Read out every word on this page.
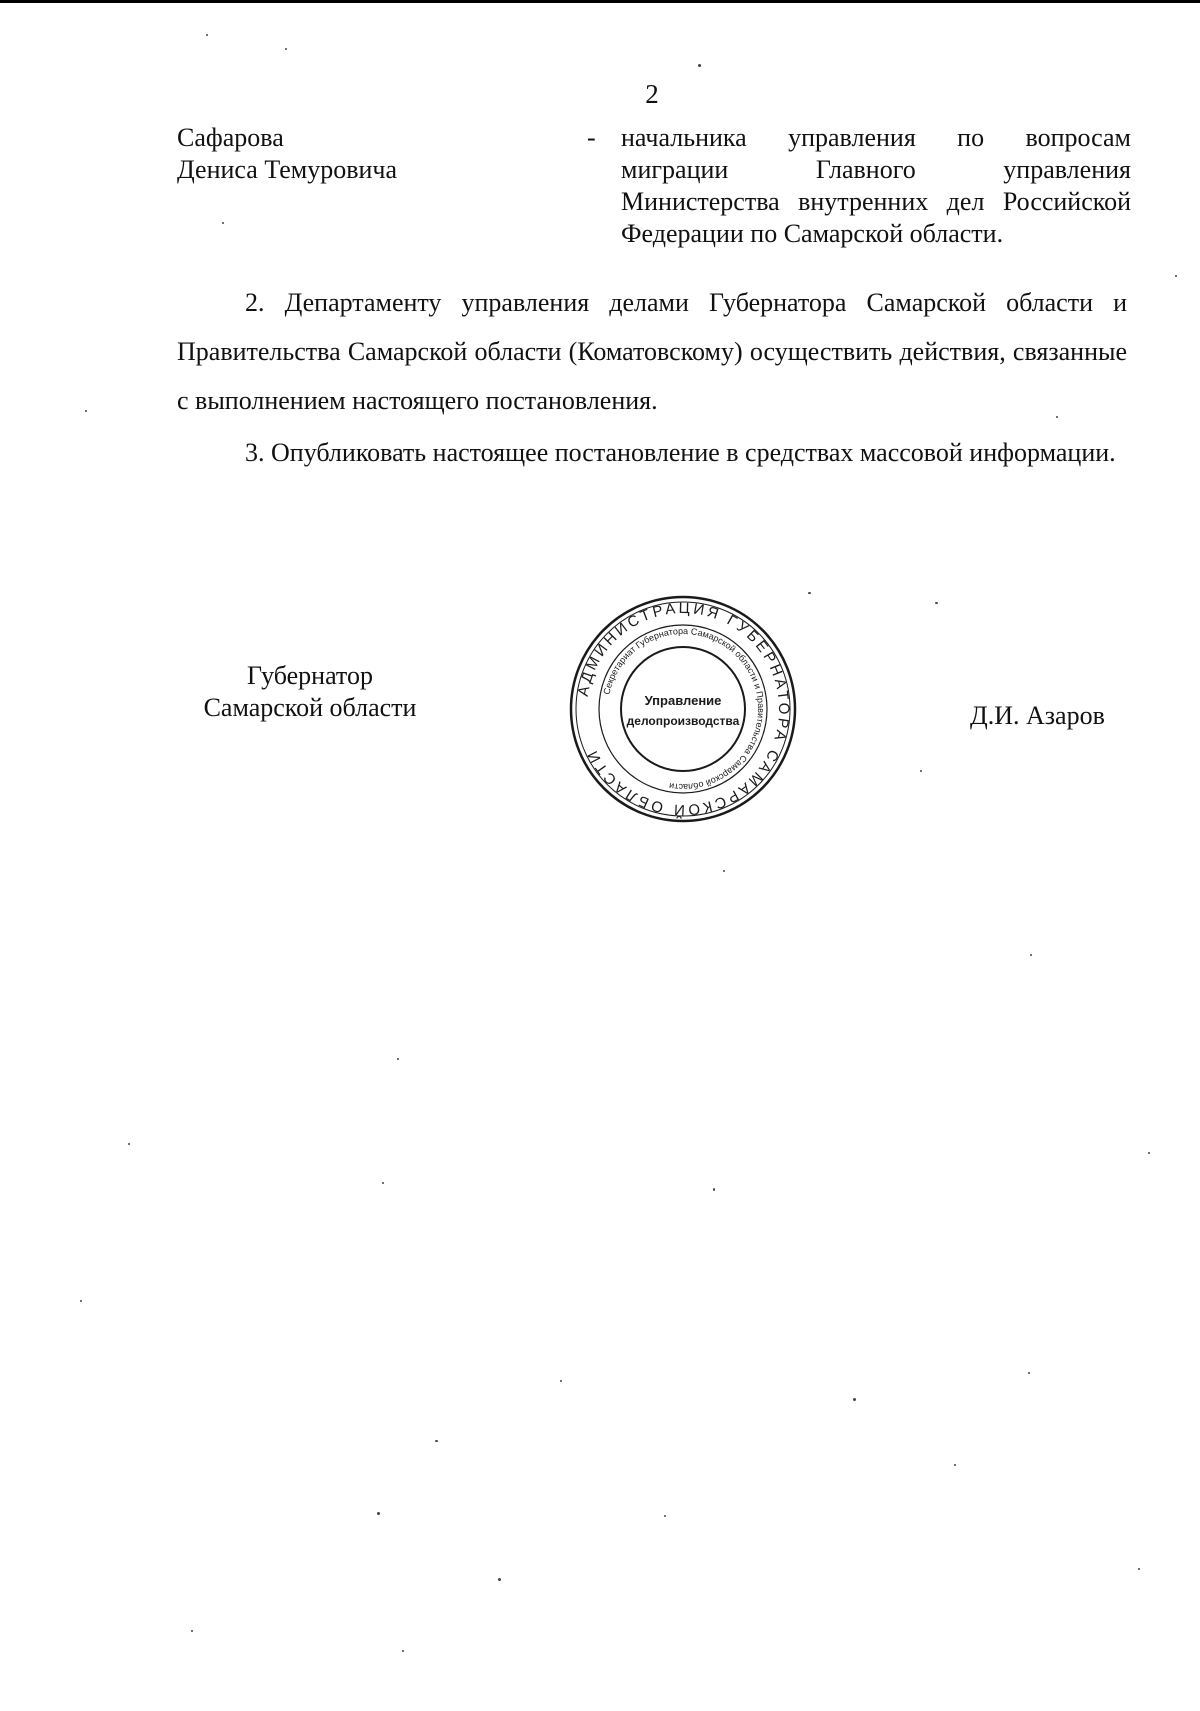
2
Сафарова
Дениса Темуровича
- начальника управления по вопросам миграции Главного управления Министерства внутренних дел Российской Федерации по Самарской области.

2. Департаменту управления делами Губернатора Самарской области и Правительства Самарской области (Коматовскому) осуществить действия, связанные с выполнением настоящего постановления.

3. Опубликовать настоящее постановление в средствах массовой информации.

Губернатор
Самарской области	Д.И. Азаров
АДМИНИСТРАЦИЯ ГУБЕРНАТОРА САМАРСКОЙ ОБЛАСТИ
Секретариат Губернатора Самарской области и Правительства Самарской области
Управление
делопроизводства
